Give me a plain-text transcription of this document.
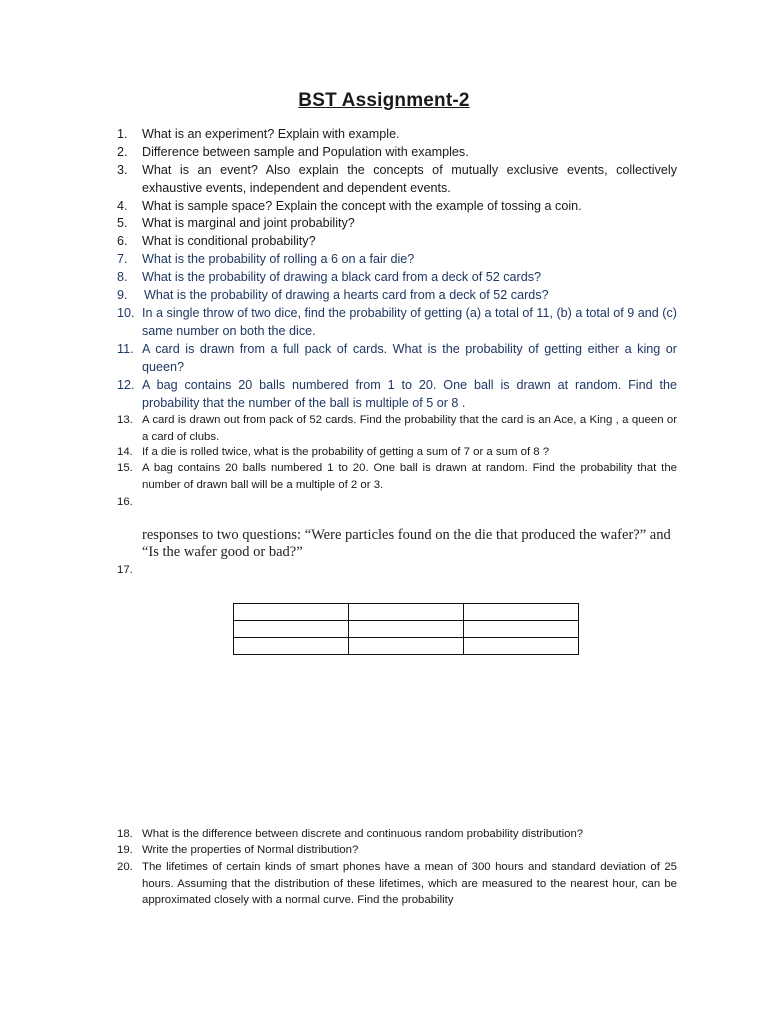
BST Assignment-2
1. What is an experiment? Explain with example.
2. Difference between sample and Population with examples.
3. What is an event? Also explain the concepts of mutually exclusive events, collectively exhaustive events, independent and dependent events.
4. What is sample space? Explain the concept with the example of tossing a coin.
5. What is marginal and joint probability?
6. What is conditional probability?
7. What is the probability of rolling a 6 on a fair die?
8. What is the probability of drawing a black card from a deck of 52 cards?
9. What is the probability of drawing a hearts card from a deck of 52 cards?
10. In a single throw of two dice, find the probability of getting (a) a total of 11, (b) a total of 9 and (c) same number on both the dice.
11. A card is drawn from a full pack of cards. What is the probability of getting either a king or queen?
12. A bag contains 20 balls numbered from 1 to 20. One ball is drawn at random. Find the probability that the number of the ball is multiple of 5 or 8 .
13. A card is drawn out from pack of 52 cards. Find the probability that the card is an Ace, a King , a queen or a card of clubs.
14. If a die is rolled twice, what is the probability of getting a sum of 7 or a sum of 8 ?
15. A bag contains 20 balls numbered 1 to 20. One ball is drawn at random. Find the probability that the number of drawn ball will be a multiple of 2 or 3.
16.
responses to two questions: “Were particles found on the die that produced the wafer?” and “Is the wafer good or bad?”
17.

18. What is the difference between discrete and continuous random probability distribution?
19. Write the properties of Normal distribution?
20. The lifetimes of certain kinds of smart phones have a mean of 300 hours and standard deviation of 25 hours. Assuming that the distribution of these lifetimes, which are measured to the nearest hour, can be approximated closely with a normal curve. Find the probability
